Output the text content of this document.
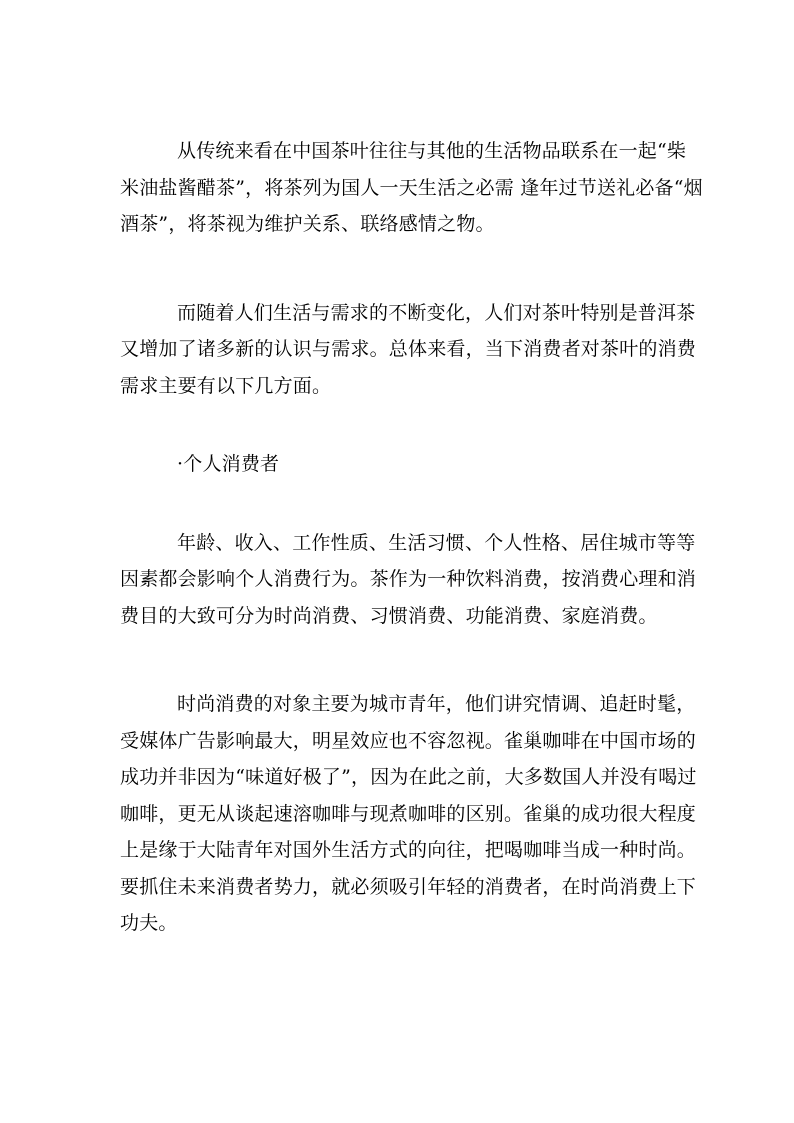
从传统来看在中国茶叶往往与其他的生活物品联系在一起“柴
米油盐酱醋茶”，将茶列为国人一天生活之必需 逢年过节送礼必备“烟
酒茶”，将茶视为维护关系、联络感情之物。

而随着人们生活与需求的不断变化，人们对茶叶特别是普洱茶
又增加了诸多新的认识与需求。总体来看，当下消费者对茶叶的消费
需求主要有以下几方面。

·个人消费者

年龄、收入、工作性质、生活习惯、个人性格、居住城市等等
因素都会影响个人消费行为。茶作为一种饮料消费，按消费心理和消
费目的大致可分为时尚消费、习惯消费、功能消费、家庭消费。

时尚消费的对象主要为城市青年，他们讲究情调、追赶时髦，
受媒体广告影响最大，明星效应也不容忽视。雀巢咖啡在中国市场的
成功并非因为“味道好极了”，因为在此之前，大多数国人并没有喝过
咖啡，更无从谈起速溶咖啡与现煮咖啡的区别。雀巢的成功很大程度
上是缘于大陆青年对国外生活方式的向往，把喝咖啡当成一种时尚。
要抓住未来消费者势力，就必须吸引年轻的消费者，在时尚消费上下
功夫。
